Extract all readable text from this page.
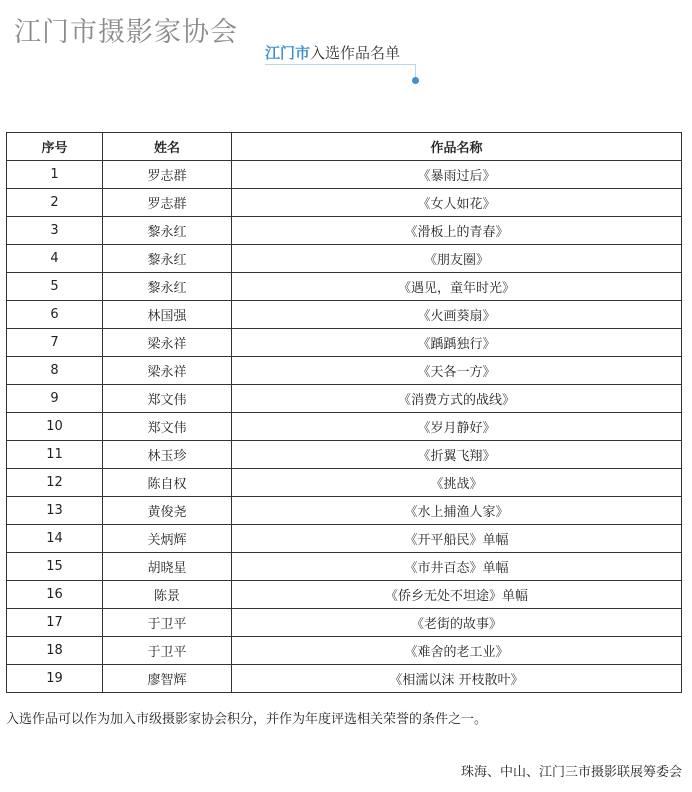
江门市摄影家协会
江门市入选作品名单
序号	姓名	作品名称
1	罗志群	《暴雨过后》
2	罗志群	《女人如花》
3	黎永红	《滑板上的青春》
4	黎永红	《朋友圈》
5	黎永红	《遇见，童年时光》
6	林国强	《火画葵扇》
7	梁永祥	《踽踽独行》
8	梁永祥	《天各一方》
9	郑文伟	《消费方式的战线》
10	郑文伟	《岁月静好》
11	林玉珍	《折翼飞翔》
12	陈自权	《挑战》
13	黄俊尧	《水上捕渔人家》
14	关炳辉	《开平船民》单幅
15	胡晓星	《市井百态》单幅
16	陈景	《侨乡无处不坦途》单幅
17	于卫平	《老街的故事》
18	于卫平	《难舍的老工业》
19	廖智辉	《相濡以沫 开枝散叶》
入选作品可以作为加入市级摄影家协会积分，并作为年度评选相关荣誉的条件之一。
珠海、中山、江门三市摄影联展筹委会
